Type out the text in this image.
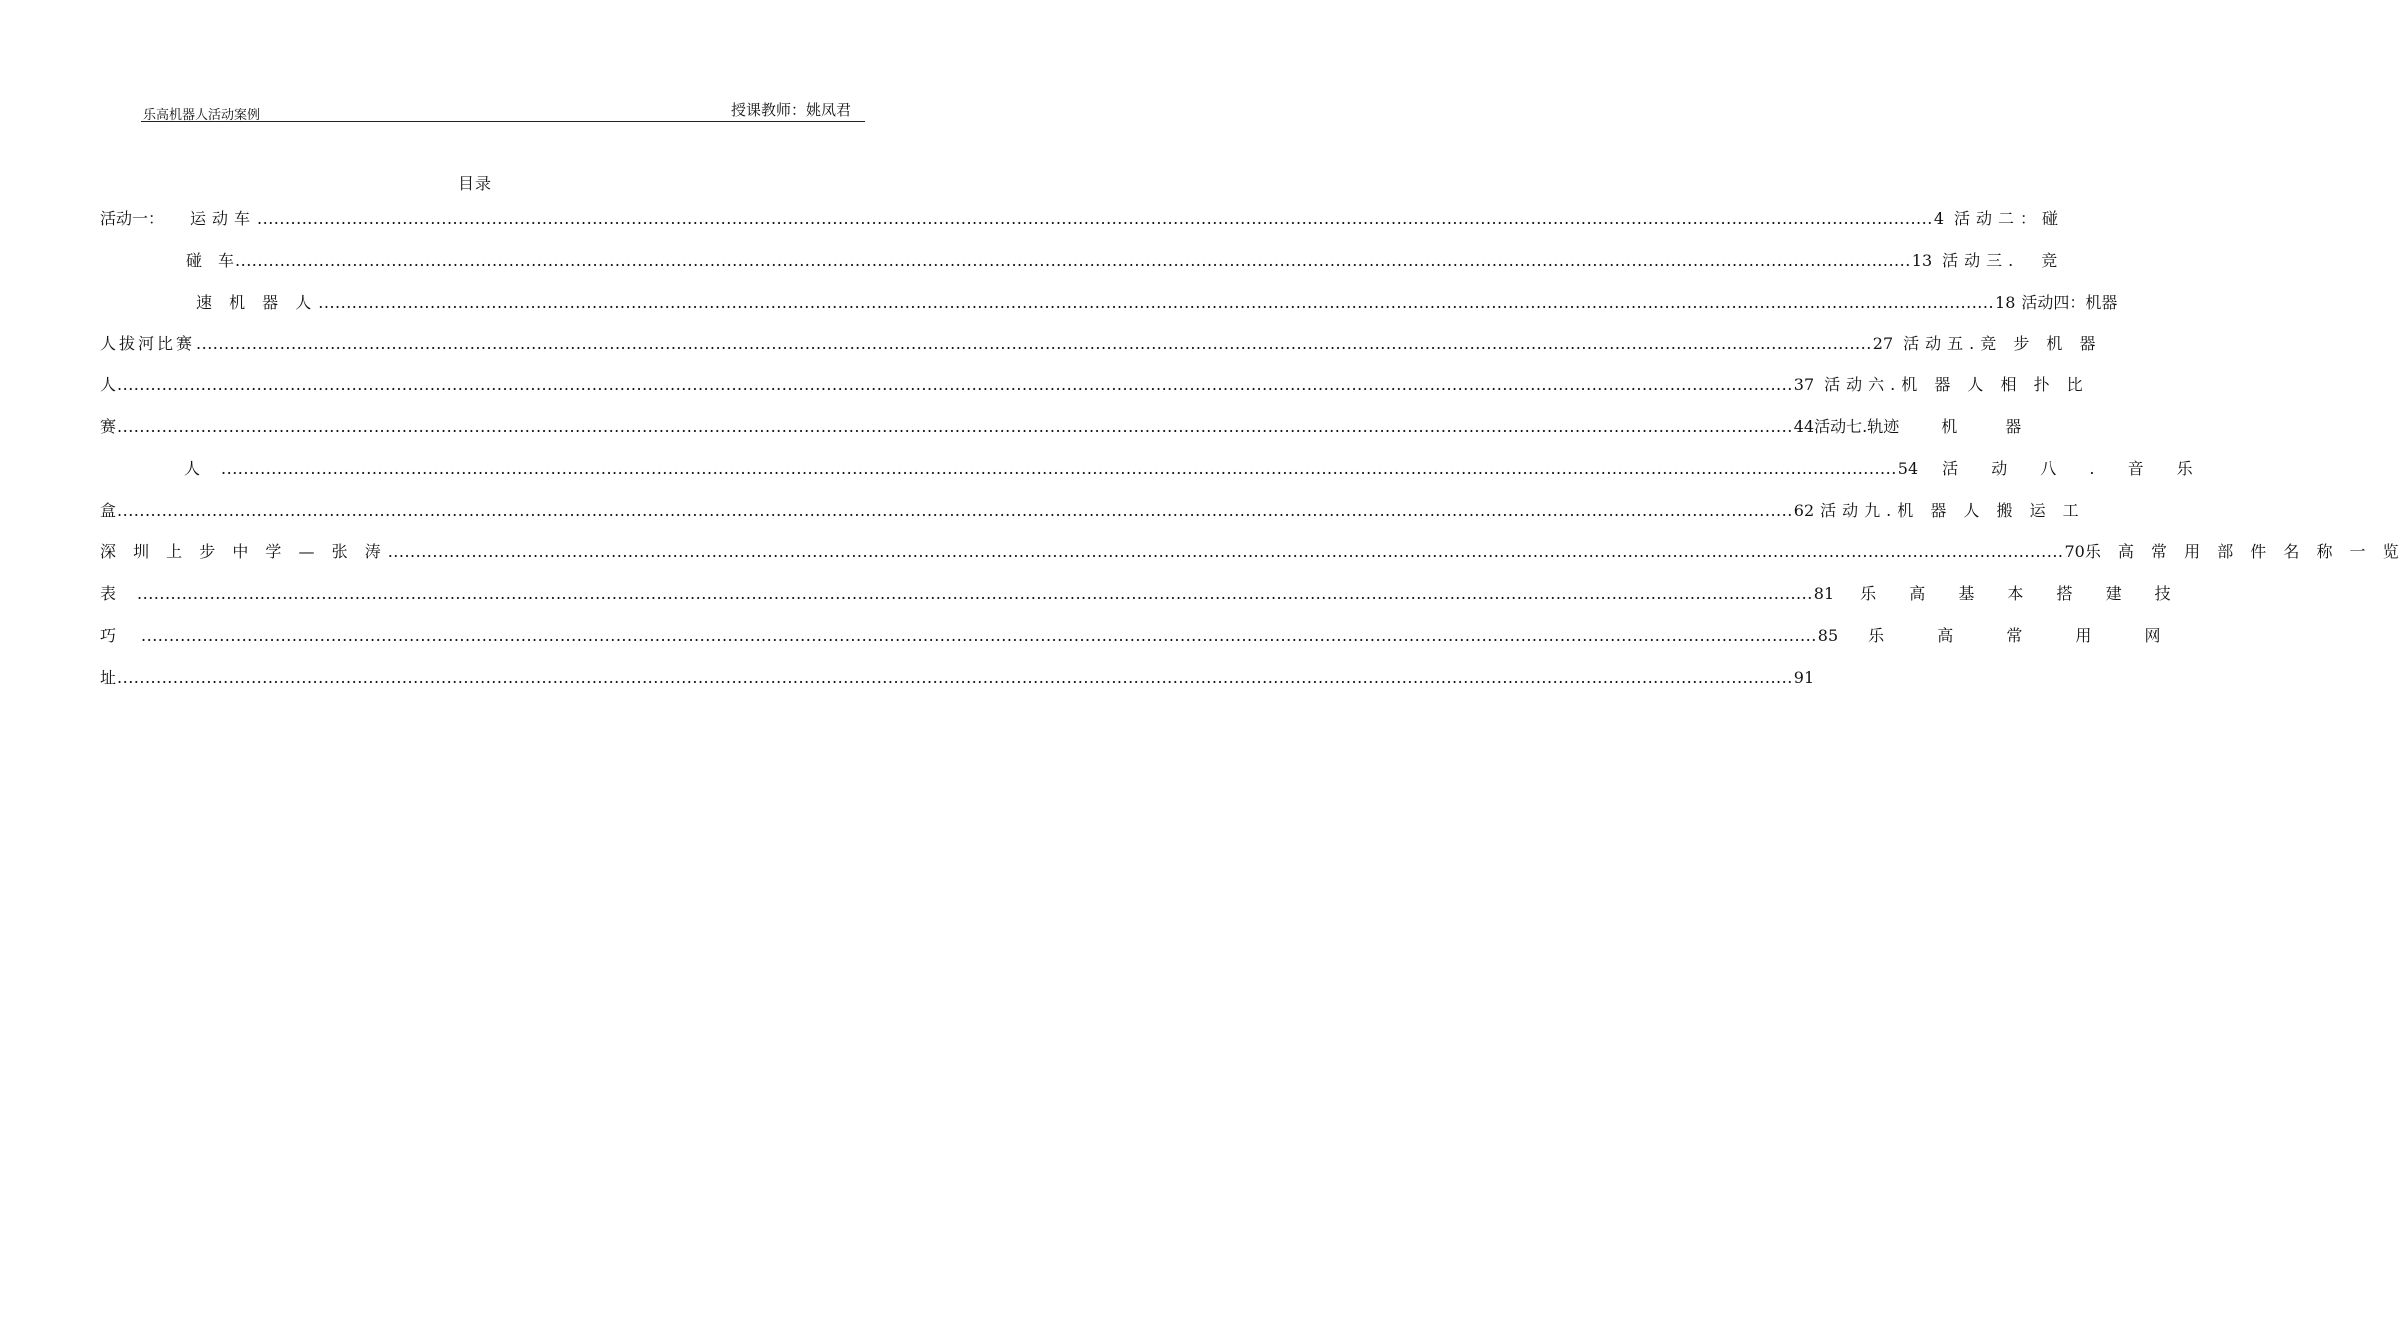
乐高机器人活动案例	授课教师：姚凤君
目录
活动一： 运动车 ............................................................................................................................................................................................................................................................................................................ 4 活动二：碰
碰　车 ............................................................................................................................................................................................................................................................................................................ 13 活动三.　竞
速 机 器 人 ............................................................................................................................................................................................................................................................................................................ 18 活动四：机器
人拔河比赛 ............................................................................................................................................................................................................................................................................................................ 27 活动五.竞 步 机 器
人 ............................................................................................................................................................................................................................................................................................................ 37 活动六.机 器 人 相 扑 比
赛 ............................................................................................................................................................................................................................................................................................................ 44 活动七.轨 迹	机	器
人 ............................................................................................................................................................................................................................................................................................................ 54 活 动 八 . 音 乐
盒 ............................................................................................................................................................................................................................................................................................................ 62 活动九.机 器 人 搬 运 工
深 圳 上 步 中 学 — 张 涛 ............................................................................................................................................................................................................................................................................................................ 70 乐 高 常 用 部 件 名 称 一 览
表 ............................................................................................................................................................................................................................................................................................................ 81 乐 高 基 本 搭 建 技
巧 ............................................................................................................................................................................................................................................................................................................ 85 乐 高 常 用 网
址 ............................................................................................................................................................................................................................................................................................................ 91
